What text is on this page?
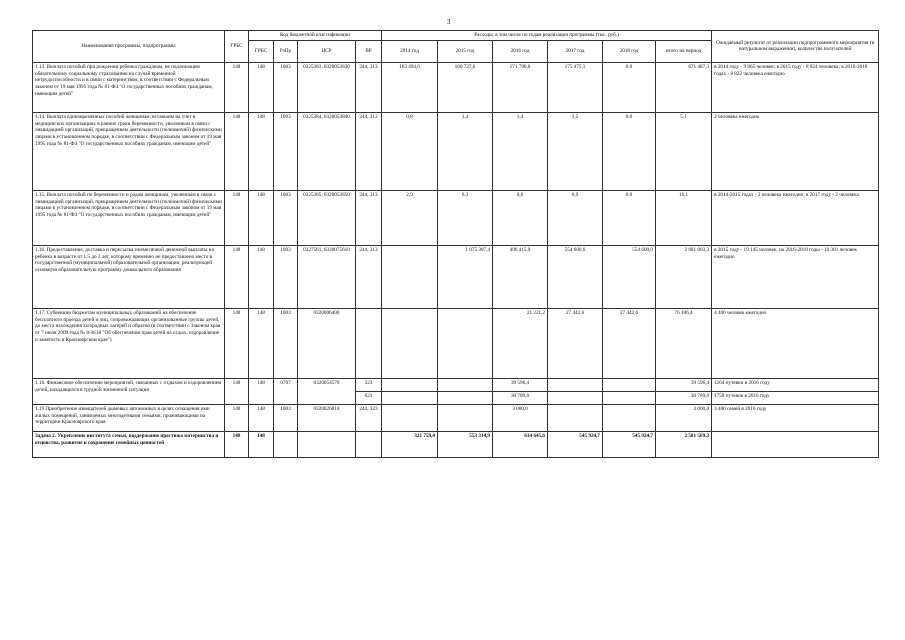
3
Наименование программы, подпрограммы	ГРБС	Код бюджетной классификации				Расходы, в том числе по годам реализации программы (тыс. руб.)						Ожидаемый результат от реализации подпрограммного мероприятия (в натуральном выражении), количество получателей
		ГРБС	РзПр	ЦСР	ВР	2014 год	2015 год	2016 год	2017 год	2018 год	итого на период	
1.13. Выплата пособий при рождении ребенка гражданам, не подлежащим обязательному социальному страхованию на случай временной нетрудоспособности и в связи с материнством, в соответствии с Федеральным законом от 19 мая 1995 года № 81-ФЗ "О государственных пособиях гражданам, имеющим детей"	148	148	1003	0325383, 0320053830	244, 313	163 494,6	160 727,6	171 790,0	175 475,1	0,0	671 487,3	в 2014 году - 9 865 человек; в 2015 году - 8 824 человека; в 2016-2018 годах - 8 822 человека ежегодно
1.14. Выплата единовременных пособий женщинам, вставшим на учет в медицинских организациях в ранние сроки беременности, уволенным в связи с ликвидацией организаций, прекращением деятельности (полномочий) физическими лицами в установленном порядке, в соответствии с Федеральным законом от 19 мая 1995 года № 81-ФЗ "О государственных пособиях гражданам, имеющим детей"	148	148	1003	0325384, 0320053840	244, 313	0,8	1,4	1,4	1,5	0,0	5,1	2 человека ежегодно
1.15. Выплата пособий по беременности и родам женщинам, уволенным в связи с ликвидацией организаций, прекращением деятельности (полномочий) физическими лицами в установленном порядке, в соответствии с Федеральным законом от 19 мая 1995 года № 81-ФЗ "О государственных пособиях гражданам, имеющим детей"	148	148	1003	0325385, 0320053850	244, 313	2,9	6,3	0,0	6,9	0,0	16,1	в 2014-2015 годах - 2 человека ежегодно; в 2017 году - 2 человека
1.16. Предоставление, доставка и пересылка ежемесячной денежной выплаты на ребенка в возрасте от 1,5 до 3 лет, которому временно не предоставлено место в государственной (муниципальной) образовательной организации, реализующей основную образовательную программу дошкольного образования	148	148	1003	0327561, 0320075610	244, 313		1 075 387,4	496 415,9	554 600,0	554 600,0	2 681 003,3	в 2015 году - 19 145 человек, на 2016-2018 годы - 10 301 человек ежегодно
1.17. Субвенции бюджетам муниципальных образований на обеспечение бесплатного проезда детей и лиц, сопровождающих организованные группы детей, до места нахождения загородных лагерей и обратно (в соответствии с Законом края от 7 июля 2009 года № 8-3618 "Об обеспечении прав детей на отдых, оздоровление и занятость в Красноярском крае")	148	148	1003	0320006400				21 221,2	27 442,6	27 442,6	76 106,4	4 400 человек ежегодно
1.18. Финансовое обеспечение мероприятий, связанных с отдыхом и оздоровлением детей, находящихся в трудной жизненной ситуации	148	148	0707	0320054570	323			39 596,4			39 596,4	1264 путевки в 2016 году
					621			30 789,6			30 789,6	1758 путевок в 2016 году
1.19 Приобретение извещателей дымовых автономных в целях оснащения ими жилых помещений, занимаемых многодетными семьями, проживающими на территории Красноярского края	148	148	1003	0320026810	244, 323			3 000,0			3 000,0	3 400 семей в 2016 году
Задача 2. Укрепление института семьи, поддержание престижа материнства и отцовства, развитие и сохранение семейных ценностей	148	148				321 759,4	553 314,9	614 645,6	545 924,7	545 924,7	2 581 569,3	
